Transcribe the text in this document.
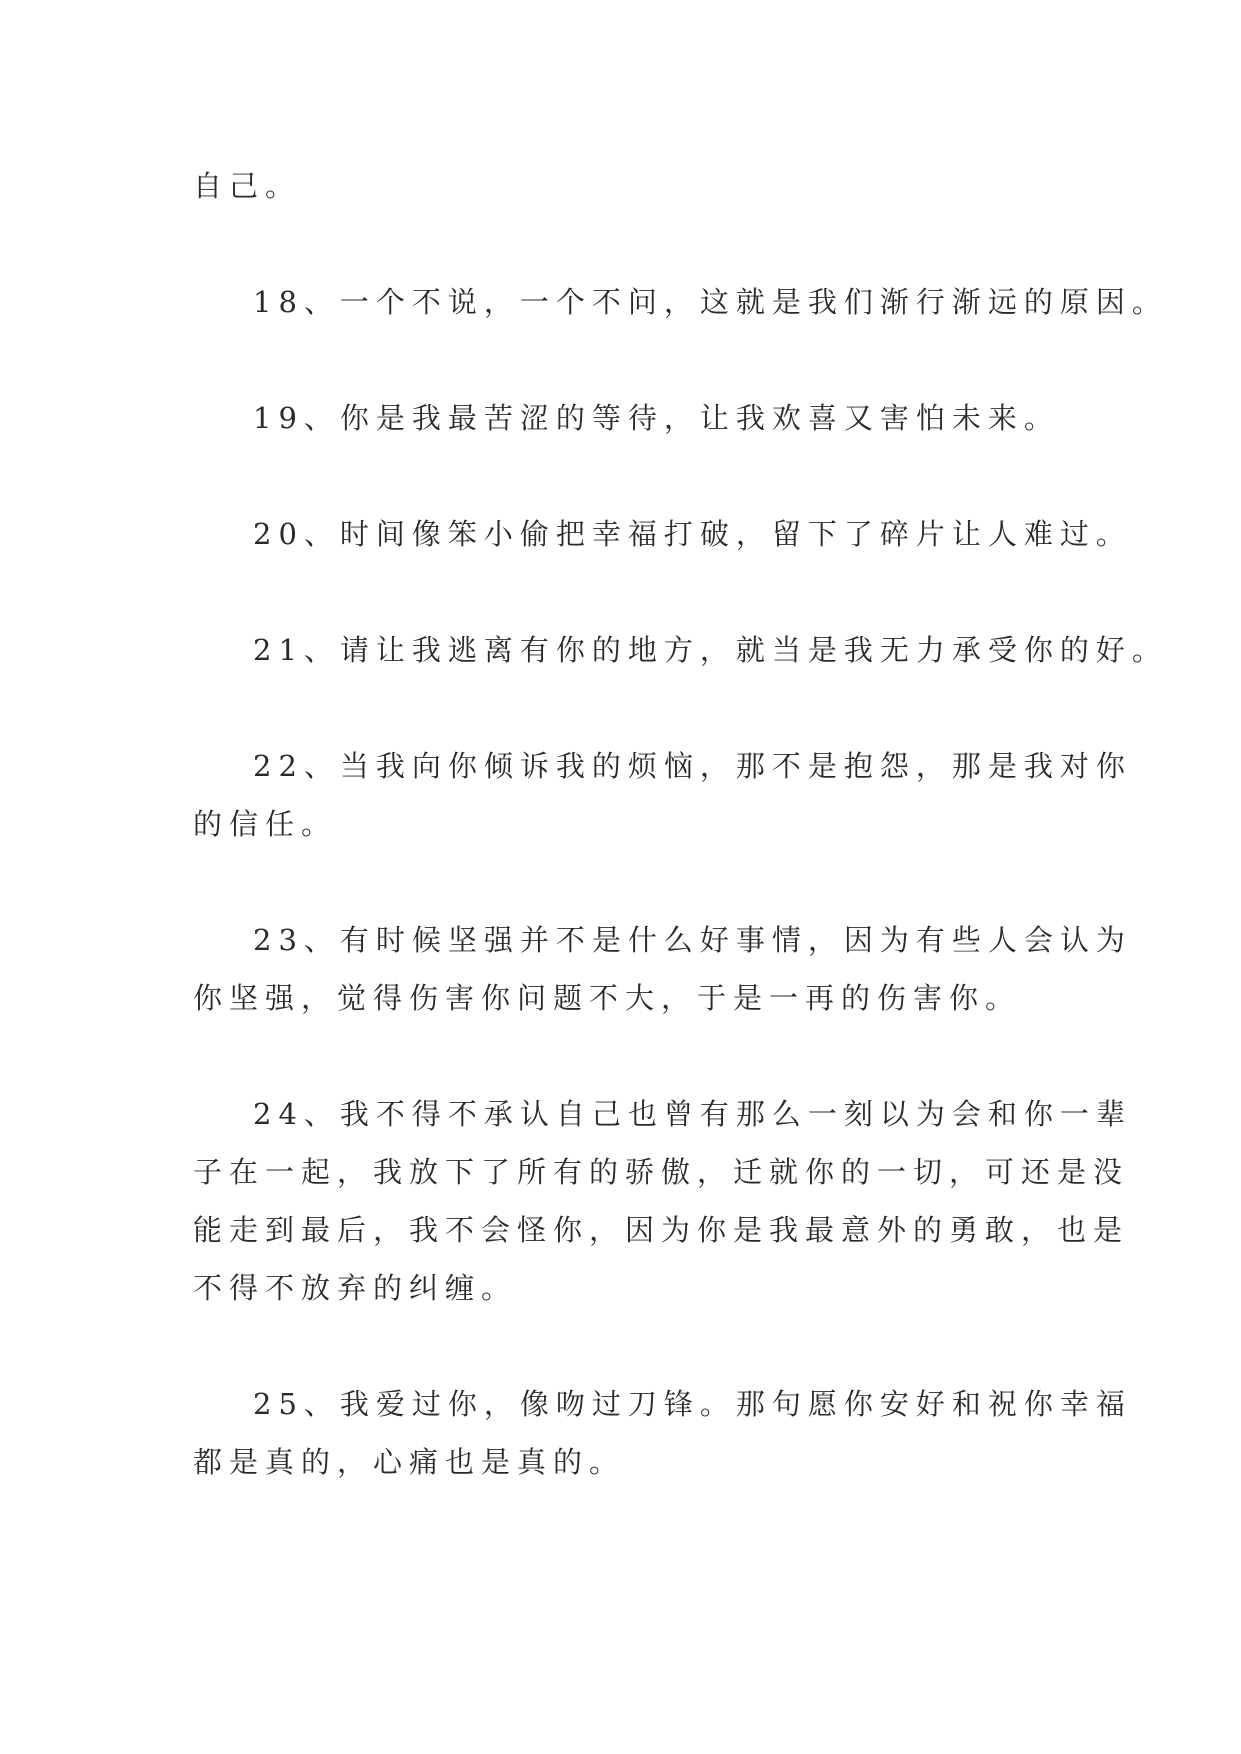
自己。
18、一个不说，一个不问，这就是我们渐行渐远的原因。
19、你是我最苦涩的等待，让我欢喜又害怕未来。
20、时间像笨小偷把幸福打破，留下了碎片让人难过。
21、请让我逃离有你的地方，就当是我无力承受你的好。
22、当我向你倾诉我的烦恼，那不是抱怨，那是我对你
的信任。
23、有时候坚强并不是什么好事情，因为有些人会认为
你坚强，觉得伤害你问题不大，于是一再的伤害你。
24、我不得不承认自己也曾有那么一刻以为会和你一辈
子在一起，我放下了所有的骄傲，迁就你的一切，可还是没
能走到最后，我不会怪你，因为你是我最意外的勇敢，也是
不得不放弃的纠缠。
25、我爱过你，像吻过刀锋。那句愿你安好和祝你幸福
都是真的，心痛也是真的。
